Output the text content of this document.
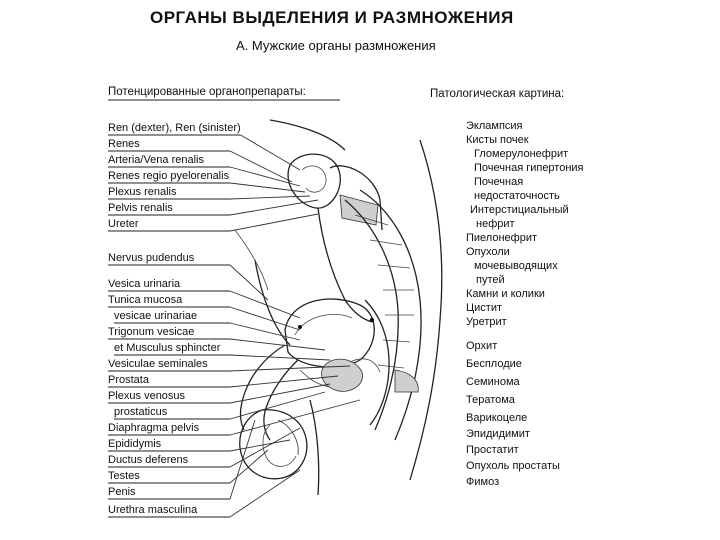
ОРГАНЫ ВЫДЕЛЕНИЯ И РАЗМНОЖЕНИЯ
А. Мужские органы размножения
Потенцированные органопрепараты:	Патологическая картина:
Ren (dexter), Ren (sinister)
Renes
Arteria/Vena renalis
Renes regio pyelorenalis
Plexus renalis
Pelvis renalis
Ureter
Nervus pudendus
Vesica urinaria
Tunica mucosa
vesicae urinariae
Trigonum vesicae
et Musculus sphincter
Vesiculae seminales
Prostata
Plexus venosus
prostaticus
Diaphragma pelvis
Epididymis
Ductus deferens
Testes
Penis
Urethra masculina
Эклампсия
Кисты почек
Гломерулонефрит
Почечная гипертония
Почечная
недостаточность
Интерстициальный
нефрит
Пиелонефрит
Опухоли
мочевыводящих
путей
Камни и колики
Цистит
Уретрит
Орхит
Бесплодие
Семинома
Тератома
Варикоцеле
Эпидидимит
Простатит
Опухоль простаты
Фимоз
